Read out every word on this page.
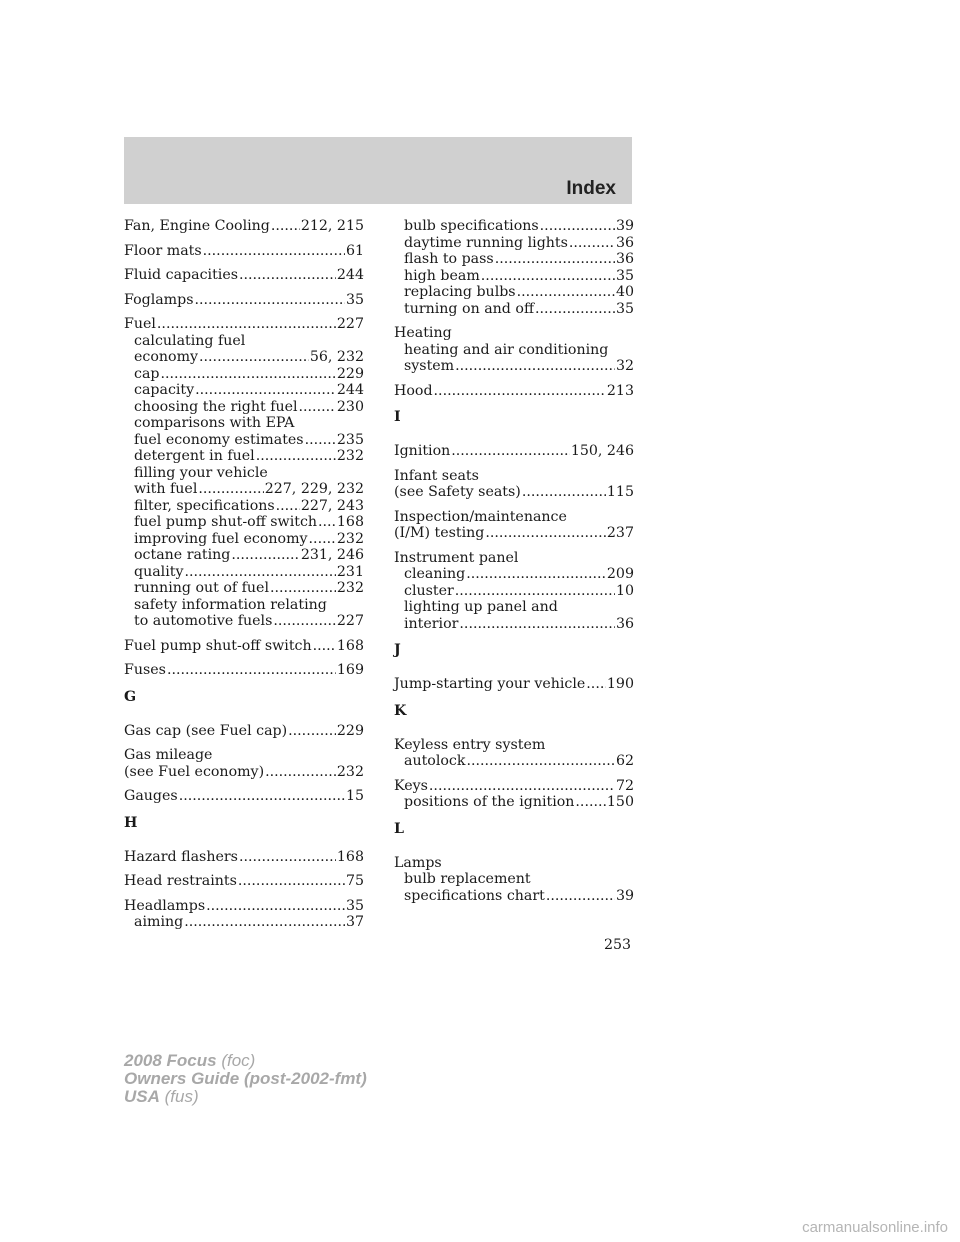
Index
Fan, Engine Cooling ..... 212, 215
Floor mats .....	61
Fluid capacities .....	244
Foglamps .....	35
Fuel .....	227
calculating fuel
economy .....	56, 232
cap .....	229
capacity .....	244
choosing the right fuel .....	230
comparisons with EPA
fuel economy estimates ..... 235
detergent in fuel .....	232
filling your vehicle
with fuel .....	227, 229, 232
filter, specifications ..... 227, 243
fuel pump shut-off switch ..... 168
improving fuel economy ..... 232
octane rating .....	231, 246
quality .....	231
running out of fuel .....	232
safety information relating
to automotive fuels .....	227
Fuel pump shut-off switch ..... 168
Fuses .....	169
G
Gas cap (see Fuel cap) .....	229
Gas mileage
(see Fuel economy) .....	232
Gauges .....	15
H
Hazard flashers .....	168
Head restraints .....	75
Headlamps .....	35
aiming .....	37
bulb specifications .....	39
daytime running lights .....	36
flash to pass .....	36
high beam .....	35
replacing bulbs .....	40
turning on and off .....	35
Heating
heating and air conditioning
system .....	32
Hood .....	213
I
Ignition .....	150, 246
Infant seats
(see Safety seats) .....	115
Inspection/maintenance
(I/M) testing .....	237
Instrument panel
cleaning .....	209
cluster .....	10
lighting up panel and
interior .....	36
J
Jump-starting your vehicle ..... 190
K
Keyless entry system
autolock .....	62
Keys .....	72
positions of the ignition ..... 150
L
Lamps
bulb replacement
specifications chart .....	39
253
2008 Focus (foc)
Owners Guide (post-2002-fmt)
USA (fus)
carmanualsonline.info
